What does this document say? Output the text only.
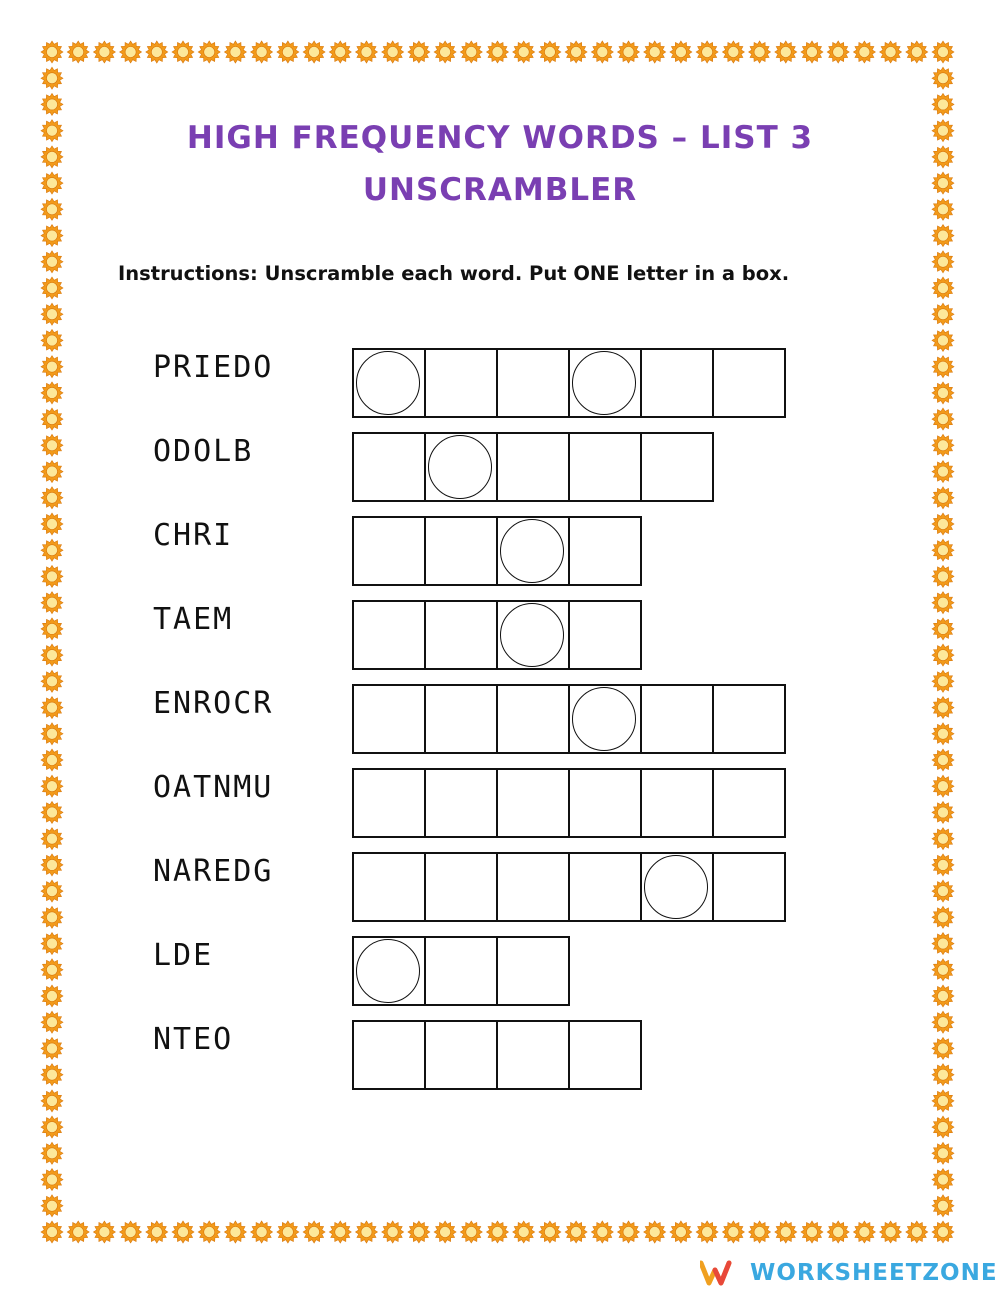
HIGH FREQUENCY WORDS – LIST 3
UNSCRAMBLER
Instructions: Unscramble each word. Put ONE letter in a box.
PRIEDO
ODOLB
CHRI
TAEM
ENROCR
OATNMU
NAREDG
LDE
NTEO
WORKSHEETZONE
